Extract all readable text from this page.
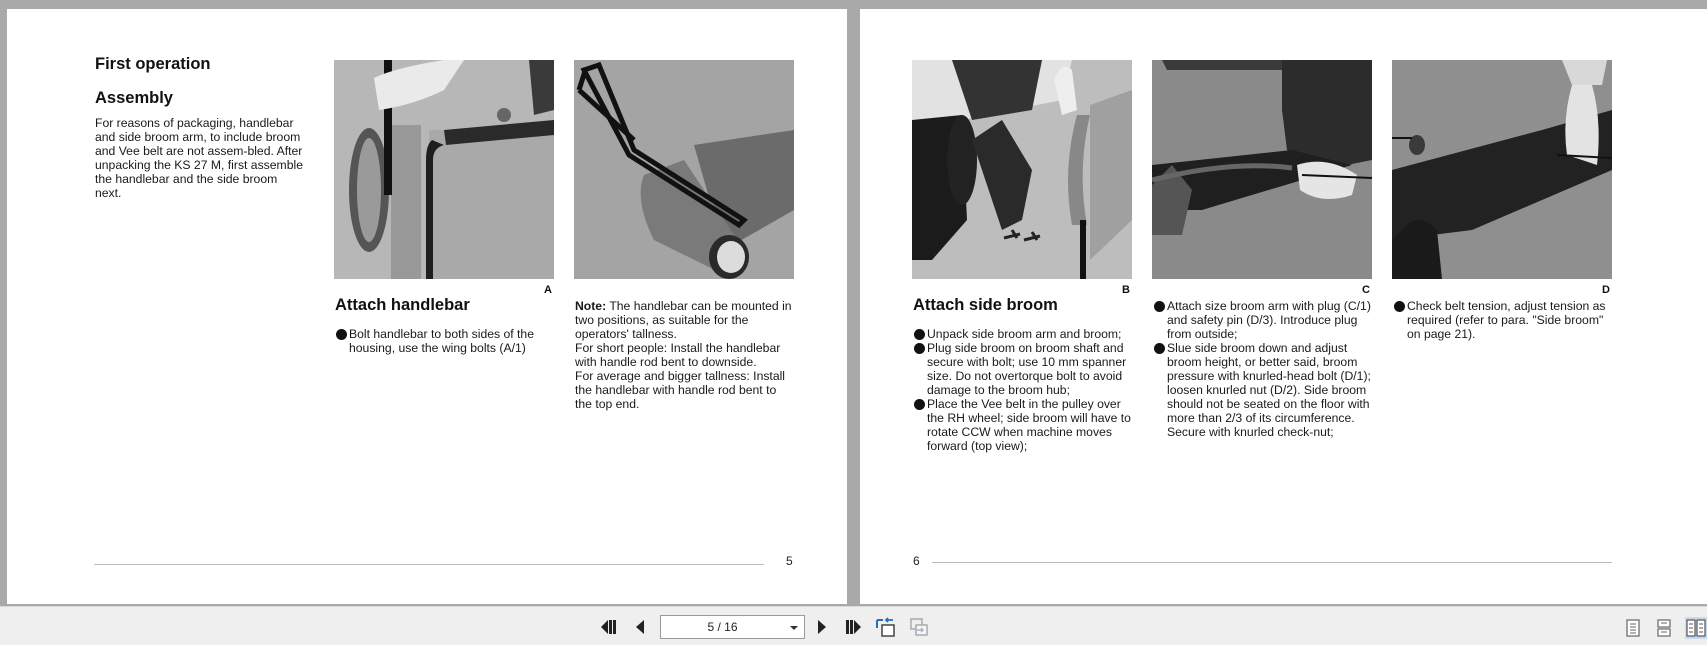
First operation
Assembly
For reasons of packaging, handlebar and side broom arm, to include broom and Vee belt are not assem-bled. After unpacking the KS 27 M, first assemble the handlebar and the side broom next.
A
Attach handlebar
Bolt handlebar to both sides of the housing, use the wing bolts (A/1)
Note: The handlebar can be mounted in two positions, as suitable for the operators' tallness.
For short people: Install the handlebar with handle rod bent to downside.
For average and bigger tallness: Install the handlebar with handle rod bent to the top end.
5
B	C	D
Attach side broom
Unpack side broom arm and broom;
Plug side broom on broom shaft and secure with bolt; use 10 mm spanner size. Do not overtorque bolt to avoid damage to the broom hub;
Place the Vee belt in the pulley over the RH wheel; side broom will have to rotate CCW when machine moves forward (top view);
Attach size broom arm with plug (C/1) and safety pin (D/3). Introduce plug from outside;
Slue side broom down and adjust broom height, or better said, broom pressure with knurled-head bolt (D/1); loosen knurled nut (D/2). Side broom should not be seated on the floor with more than 2/3 of its circumference. Secure with knurled check-nut;
Check belt tension, adjust tension as required (refer to para. "Side broom" on page 21).
6
5 / 16
